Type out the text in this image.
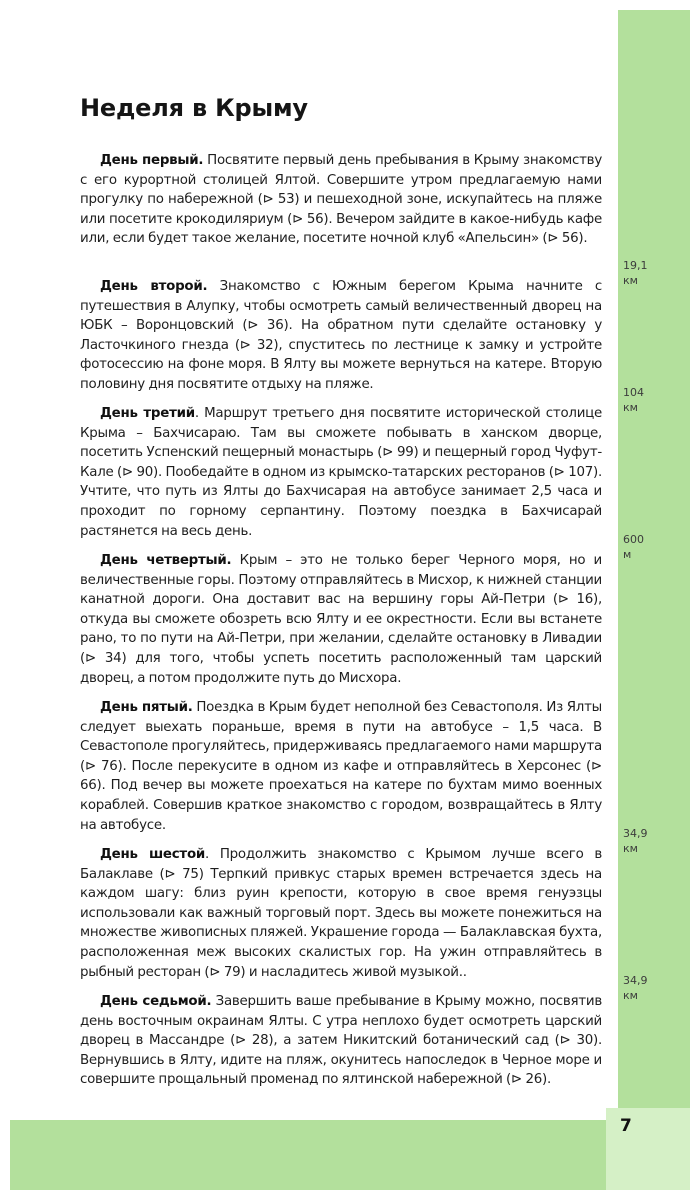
7
Неделя в Крыму

День первый. Посвятите первый день пребывания в Крыму знакомству с его курортной столицей Ялтой. Совершите утром предлагаемую нами прогулку по набережной (⊳ 53) и пешеходной зоне, искупайтесь на пляже или посетите крокодиляриум (⊳ 56). Вечером зайдите в какое-нибудь кафе или, если будет такое желание, посетите ночной клуб «Апельсин» (⊳ 56).

День второй. Знакомство с Южным берегом Крыма начните с путешествия в Алупку, чтобы осмотреть самый величественный дворец на ЮБК – Воронцовский (⊳ 36). На обратном пути сделайте остановку у Ласточкиного гнезда (⊳ 32), спуститесь по лестнице к замку и устройте фотосессию на фоне моря. В Ялту вы можете вернуться на катере. Вторую половину дня посвятите отдыху на пляже.

День третий. Маршрут третьего дня посвятите исторической столице Крыма – Бахчисараю. Там вы сможете побывать в ханском дворце, посетить Успенский пещерный монастырь (⊳ 99) и пещерный город Чуфут-Кале (⊳ 90). Пообедайте в одном из крымско-татарских ресторанов (⊳ 107). Учтите, что путь из Ялты до Бахчисарая на автобусе занимает 2,5 часа и проходит по горному серпантину. Поэтому поездка в Бахчисарай растянется на весь день.

День четвертый. Крым – это не только берег Черного моря, но и величественные горы. Поэтому отправляйтесь в Мисхор, к нижней станции канатной дороги. Она доставит вас на вершину горы Ай-Петри (⊳ 16), откуда вы сможете обозреть всю Ялту и ее окрестности. Если вы встанете рано, то по пути на Ай-Петри, при желании, сделайте остановку в Ливадии (⊳ 34) для того, чтобы успеть посетить расположенный там царский дворец, а потом продолжите путь до Мисхора.

День пятый. Поездка в Крым будет неполной без Севастополя. Из Ялты следует выехать пораньше, время в пути на автобусе – 1,5 часа. В Севастополе прогуляйтесь, придерживаясь предлагаемого нами маршрута (⊳ 76). После перекусите в одном из кафе и отправляйтесь в Херсонес (⊳ 66). Под вечер вы можете проехаться на катере по бухтам мимо военных кораблей. Совершив краткое знакомство с городом, возвращайтесь в Ялту на автобусе.

День шестой. Продолжить знакомство с Крымом лучше всего в Балаклаве (⊳ 75) Терпкий привкус старых времен встречается здесь на каждом шагу: близ руин крепости, которую в свое время генуэзцы использовали как важный торговый порт. Здесь вы можете понежиться на множестве живописных пляжей. Украшение города — Балаклавская бухта, расположенная меж высоких скалистых гор. На ужин отправляйтесь в рыбный ресторан (⊳ 79) и насладитесь живой музыкой..

День седьмой. Завершить ваше пребывание в Крыму можно, посвятив день восточным окраинам Ялты. С утра неплохо будет осмотреть царский дворец в Массандре (⊳ 28), а затем Никитский ботанический сад (⊳ 30). Вернувшись в Ялту, идите на пляж, окунитесь напоследок в Черное море и совершите прощальный променад по ялтинской набережной (⊳ 26).

19,1
км
104
км
600
м
34,9
км
34,9
км
